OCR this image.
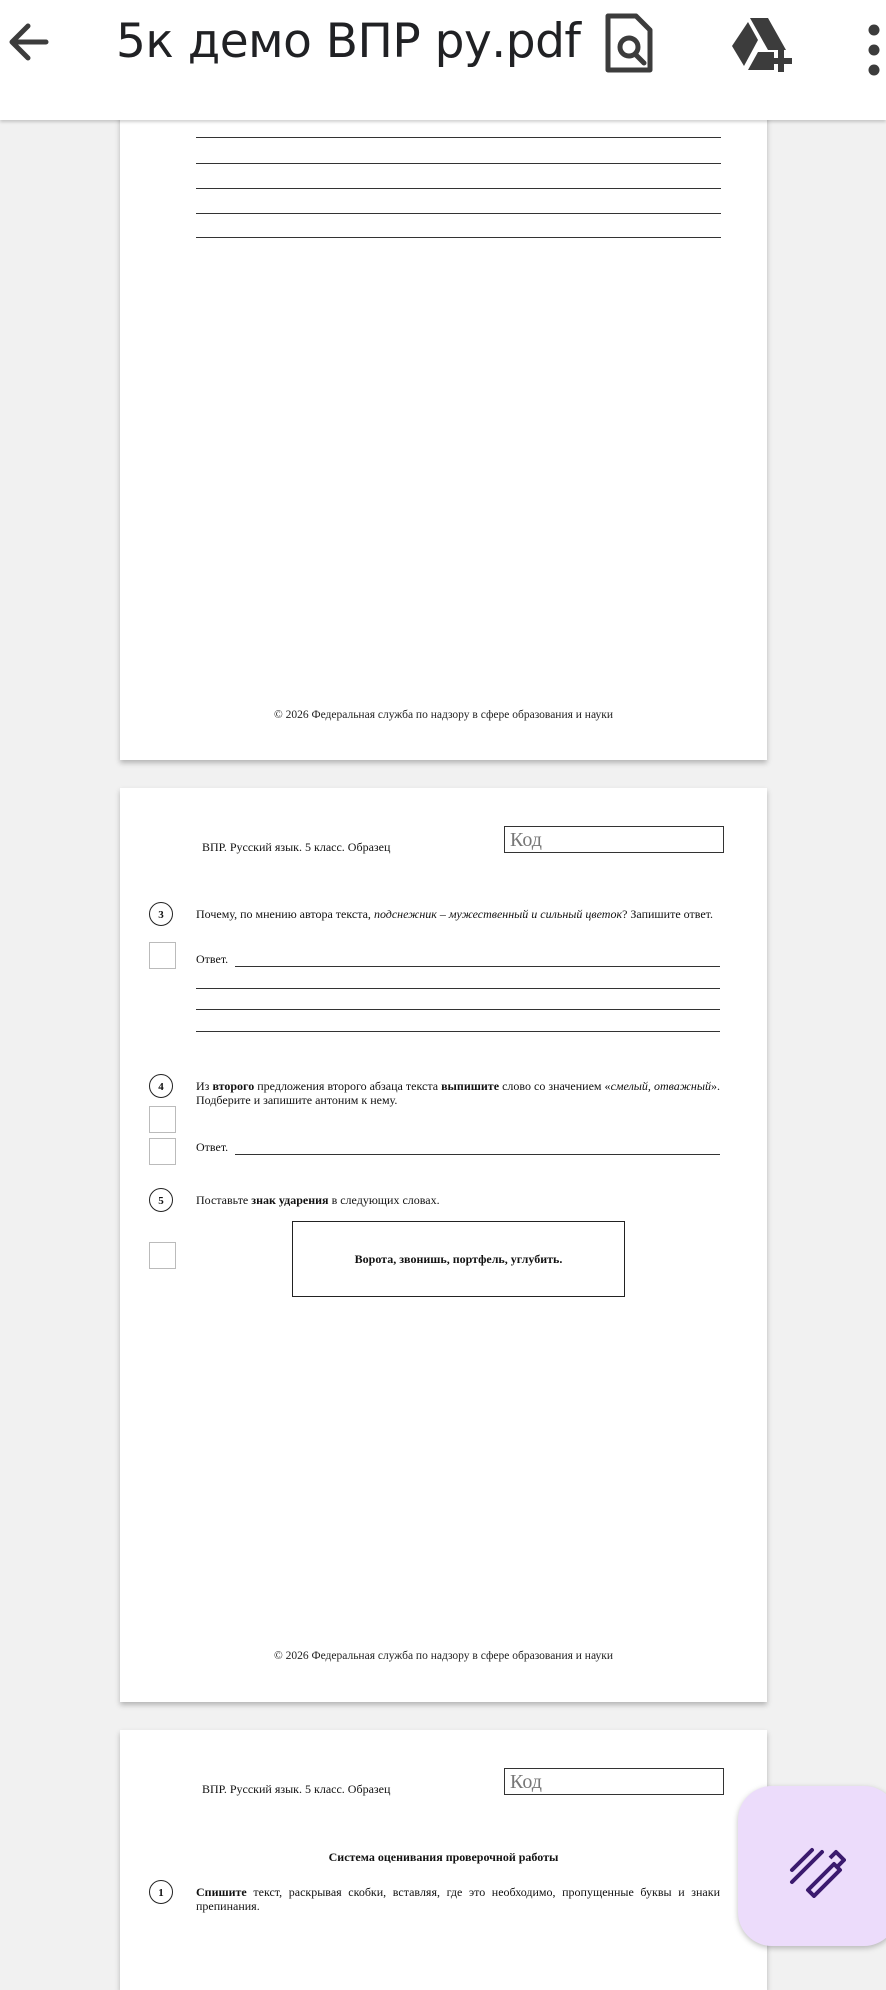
5к демо ВПР ру.pdf
© 2026 Федеральная служба по надзору в сфере образования и науки
ВПР. Русский язык. 5 класс. Образец	Код
3	Почему, по мнению автора текста, подснежник – мужественный и сильный цветок? Запишите ответ.
Ответ.
4	Из второго предложения второго абзаца текста выпишите слово со значением «смелый, отважный». Подберите и запишите антоним к нему.
Ответ.
5	Поставьте знак ударения в следующих словах.
Ворота, звонишь, портфель, углубить.
© 2026 Федеральная служба по надзору в сфере образования и науки
ВПР. Русский язык. 5 класс. Образец	Код
Система оценивания проверочной работы
1	Спишите текст, раскрывая скобки, вставляя, где это необходимо, пропущенные буквы и знаки препинания.
